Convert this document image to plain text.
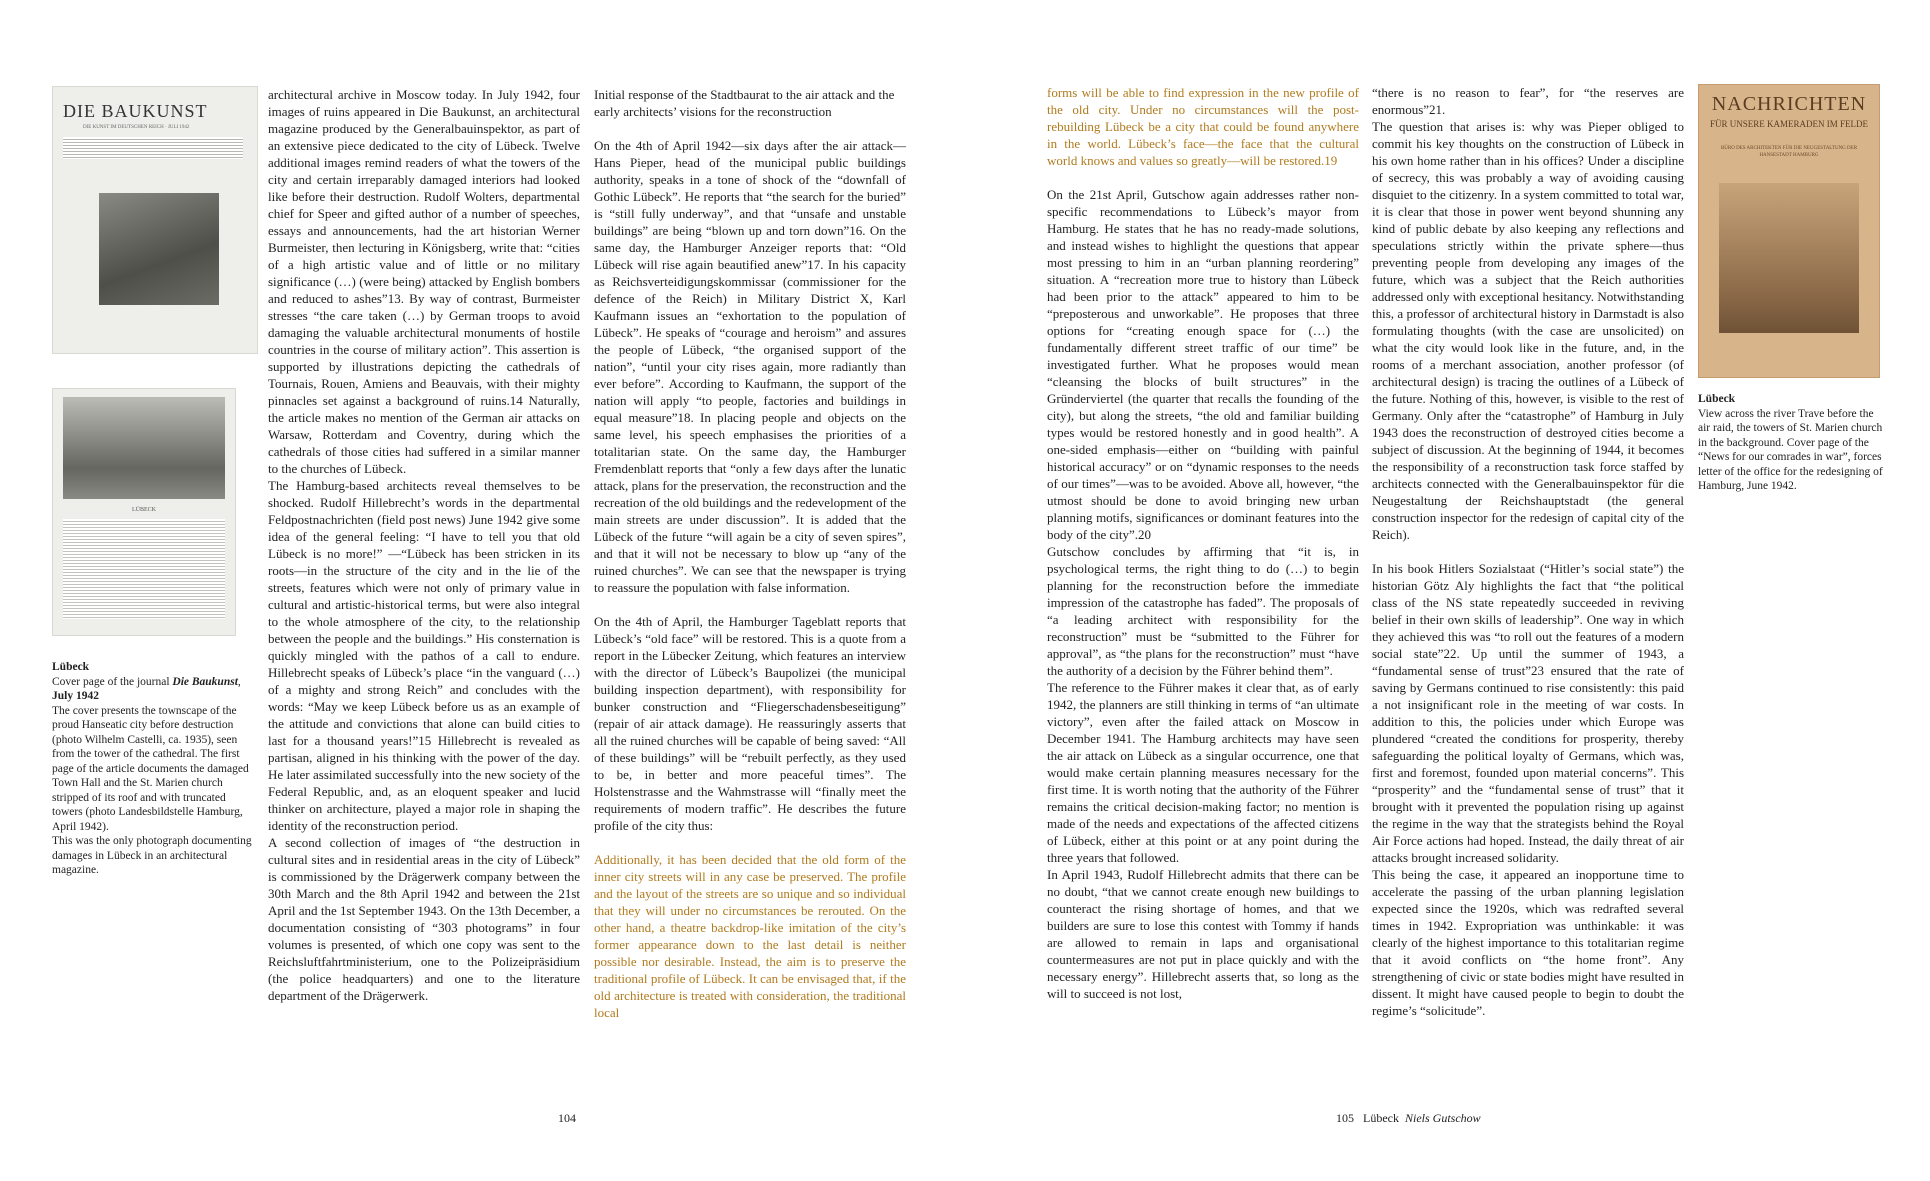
DIE BAUKUNST
DIE KUNST IM DEUTSCHEN REICH · JULI 1942
LÜBECK
Lübeck
Cover page of the journal Die Baukunst,
July 1942
The cover presents the townscape of the proud Hanseatic city before destruction (photo Wilhelm Castelli, ca. 1935), seen from the tower of the cathedral. The first page of the article documents the damaged Town Hall and the St. Marien church stripped of its roof and with truncated towers (photo Landesbildstelle Hamburg, April 1942).
This was the only photograph documenting damages in Lübeck in an architectural magazine.

architectural archive in Moscow today. In July 1942, four images of ruins appeared in Die Baukunst, an architectural magazine produced by the Generalbauinspektor, as part of an extensive piece dedicated to the city of Lübeck. Twelve additional images remind readers of what the towers of the city and certain irreparably damaged interiors had looked like before their destruction. Rudolf Wolters, departmental chief for Speer and gifted author of a number of speeches, essays and announcements, had the art historian Werner Burmeister, then lecturing in Königsberg, write that: “cities of a high artistic value and of little or no military significance (…) (were being) attacked by English bombers and reduced to ashes”13. By way of contrast, Burmeister stresses “the care taken (…) by German troops to avoid damaging the valuable architectural monuments of hostile countries in the course of military action”. This assertion is supported by illustrations depicting the cathedrals of Tournais, Rouen, Amiens and Beauvais, with their mighty pinnacles set against a background of ruins.14 Naturally, the article makes no mention of the German air attacks on Warsaw, Rotterdam and Coventry, during which the cathedrals of those cities had suffered in a similar manner to the churches of Lübeck.

The Hamburg-based architects reveal themselves to be shocked. Rudolf Hillebrecht’s words in the departmental Feldpostnachrichten (field post news) June 1942 give some idea of the general feeling: “I have to tell you that old Lübeck is no more!” —“Lübeck has been stricken in its roots—in the structure of the city and in the lie of the streets, features which were not only of primary value in cultural and artistic-historical terms, but were also integral to the whole atmosphere of the city, to the relationship between the people and the buildings.” His consternation is quickly mingled with the pathos of a call to endure. Hillebrecht speaks of Lübeck’s place “in the vanguard (…) of a mighty and strong Reich” and concludes with the words: “May we keep Lübeck before us as an example of the attitude and convictions that alone can build cities to last for a thousand years!”15 Hillebrecht is revealed as partisan, aligned in his thinking with the power of the day. He later assimilated successfully into the new society of the Federal Republic, and, as an eloquent speaker and lucid thinker on architecture, played a major role in shaping the identity of the reconstruction period.

A second collection of images of “the destruction in cultural sites and in residential areas in the city of Lübeck” is commissioned by the Drägerwerk company between the 30th March and the 8th April 1942 and between the 21st April and the 1st September 1943. On the 13th December, a documentation consisting of “303 photograms” in four volumes is presented, of which one copy was sent to the Reichsluftfahrtministerium, one to the Polizeipräsidium (the police headquarters) and one to the literature department of the Drägerwerk.

Initial response of the Stadtbaurat to the air attack and the early architects’ visions for the reconstruction

On the 4th of April 1942—six days after the air attack—Hans Pieper, head of the municipal public buildings authority, speaks in a tone of shock of the “downfall of Gothic Lübeck”. He reports that “the search for the buried” is “still fully underway”, and that “unsafe and unstable buildings” are being “blown up and torn down”16. On the same day, the Hamburger Anzeiger reports that: “Old Lübeck will rise again beautified anew”17. In his capacity as Reichsverteidigungskommissar (commissioner for the defence of the Reich) in Military District X, Karl Kaufmann issues an “exhortation to the population of Lübeck”. He speaks of “courage and heroism” and assures the people of Lübeck, “the organised support of the nation”, “until your city rises again, more radiantly than ever before”. According to Kaufmann, the support of the nation will apply “to people, factories and buildings in equal measure”18. In placing people and objects on the same level, his speech emphasises the priorities of a totalitarian state. On the same day, the Hamburger Fremdenblatt reports that “only a few days after the lunatic attack, plans for the preservation, the reconstruction and the recreation of the old buildings and the redevelopment of the main streets are under discussion”. It is added that the Lübeck of the future “will again be a city of seven spires”, and that it will not be necessary to blow up “any of the ruined churches”. We can see that the newspaper is trying to reassure the population with false information.

On the 4th of April, the Hamburger Tageblatt reports that Lübeck’s “old face” will be restored. This is a quote from a report in the Lübecker Zeitung, which features an interview with the director of Lübeck’s Baupolizei (the municipal building inspection department), with responsibility for bunker construction and “Fliegerschadensbeseitigung” (repair of air attack damage). He reassuringly asserts that all the ruined churches will be capable of being saved: “All of these buildings” will be “rebuilt perfectly, as they used to be, in better and more peaceful times”. The Holstenstrasse and the Wahmstrasse will “finally meet the requirements of modern traffic”. He describes the future profile of the city thus:

Additionally, it has been decided that the old form of the inner city streets will in any case be preserved. The profile and the layout of the streets are so unique and so individual that they will under no circumstances be rerouted. On the other hand, a theatre backdrop-like imitation of the city’s former appearance down to the last detail is neither possible nor desirable. Instead, the aim is to preserve the traditional profile of Lübeck. It can be envisaged that, if the old architecture is treated with consideration, the traditional local

104

forms will be able to find expression in the new profile of the old city. Under no circumstances will the post-rebuilding Lübeck be a city that could be found anywhere in the world. Lübeck’s face—the face that the cultural world knows and values so greatly—will be restored.19

On the 21st April, Gutschow again addresses rather non-specific recommendations to Lübeck’s mayor from Hamburg. He states that he has no ready-made solutions, and instead wishes to highlight the questions that appear most pressing to him in an “urban planning reordering” situation. A “recreation more true to history than Lübeck had been prior to the attack” appeared to him to be “preposterous and unworkable”. He proposes that three options for “creating enough space for (…) the fundamentally different street traffic of our time” be investigated further. What he proposes would mean “cleansing the blocks of built structures” in the Gründerviertel (the quarter that recalls the founding of the city), but along the streets, “the old and familiar building types would be restored honestly and in good health”. A one-sided emphasis—either on “building with painful historical accuracy” or on “dynamic responses to the needs of our times”—was to be avoided. Above all, however, “the utmost should be done to avoid bringing new urban planning motifs, significances or dominant features into the body of the city”.20

Gutschow concludes by affirming that “it is, in psychological terms, the right thing to do (…) to begin planning for the reconstruction before the immediate impression of the catastrophe has faded”. The proposals of “a leading architect with responsibility for the reconstruction” must be “submitted to the Führer for approval”, as “the plans for the reconstruction” must “have the authority of a decision by the Führer behind them”.

The reference to the Führer makes it clear that, as of early 1942, the planners are still thinking in terms of “an ultimate victory”, even after the failed attack on Moscow in December 1941. The Hamburg architects may have seen the air attack on Lübeck as a singular occurrence, one that would make certain planning measures necessary for the first time. It is worth noting that the authority of the Führer remains the critical decision-making factor; no mention is made of the needs and expectations of the affected citizens of Lübeck, either at this point or at any point during the three years that followed.

In April 1943, Rudolf Hillebrecht admits that there can be no doubt, “that we cannot create enough new buildings to counteract the rising shortage of homes, and that we builders are sure to lose this contest with Tommy if hands are allowed to remain in laps and organisational countermeasures are not put in place quickly and with the necessary energy”. Hillebrecht asserts that, so long as the will to succeed is not lost,

“there is no reason to fear”, for “the reserves are enormous”21.

The question that arises is: why was Pieper obliged to commit his key thoughts on the construction of Lübeck in his own home rather than in his offices? Under a discipline of secrecy, this was probably a way of avoiding causing disquiet to the citizenry. In a system committed to total war, it is clear that those in power went beyond shunning any kind of public debate by also keeping any reflections and speculations strictly within the private sphere—thus preventing people from developing any images of the future, which was a subject that the Reich authorities addressed only with exceptional hesitancy. Notwithstanding this, a professor of architectural history in Darmstadt is also formulating thoughts (with the case are unsolicited) on what the city would look like in the future, and, in the rooms of a merchant association, another professor (of architectural design) is tracing the outlines of a Lübeck of the future. Nothing of this, however, is visible to the rest of Germany. Only after the “catastrophe” of Hamburg in July 1943 does the reconstruction of destroyed cities become a subject of discussion. At the beginning of 1944, it becomes the responsibility of a reconstruction task force staffed by architects connected with the Generalbauinspektor für die Neugestaltung der Reichshauptstadt (the general construction inspector for the redesign of capital city of the Reich).

In his book Hitlers Sozialstaat (“Hitler’s social state”) the historian Götz Aly highlights the fact that “the political class of the NS state repeatedly succeeded in reviving belief in their own skills of leadership”. One way in which they achieved this was “to roll out the features of a modern social state”22. Up until the summer of 1943, a “fundamental sense of trust”23 ensured that the rate of saving by Germans continued to rise consistently: this paid a not insignificant role in the meeting of war costs. In addition to this, the policies under which Europe was plundered “created the conditions for prosperity, thereby safeguarding the political loyalty of Germans, which was, first and foremost, founded upon material concerns”. This “prosperity” and the “fundamental sense of trust” that it brought with it prevented the population rising up against the regime in the way that the strategists behind the Royal Air Force actions had hoped. Instead, the daily threat of air attacks brought increased solidarity.

This being the case, it appeared an inopportune time to accelerate the passing of the urban planning legislation expected since the 1920s, which was redrafted several times in 1942. Expropriation was unthinkable: it was clearly of the highest importance to this totalitarian regime that it avoid conflicts on “the home front”. Any strengthening of civic or state bodies might have resulted in dissent. It might have caused people to begin to doubt the regime’s “solicitude”.

NACHRICHTEN
FÜR UNSERE KAMERADEN IM FELDE
BÜRO DES ARCHITEKTEN FÜR DIE NEUGESTALTUNG DER HANSESTADT HAMBURG
Lübeck
View across the river Trave before the air raid, the towers of St. Marien church in the background. Cover page of the “News for our comrades in war”, forces letter of the office for the redesigning of Hamburg, June 1942.
105 Lübeck Niels Gutschow
